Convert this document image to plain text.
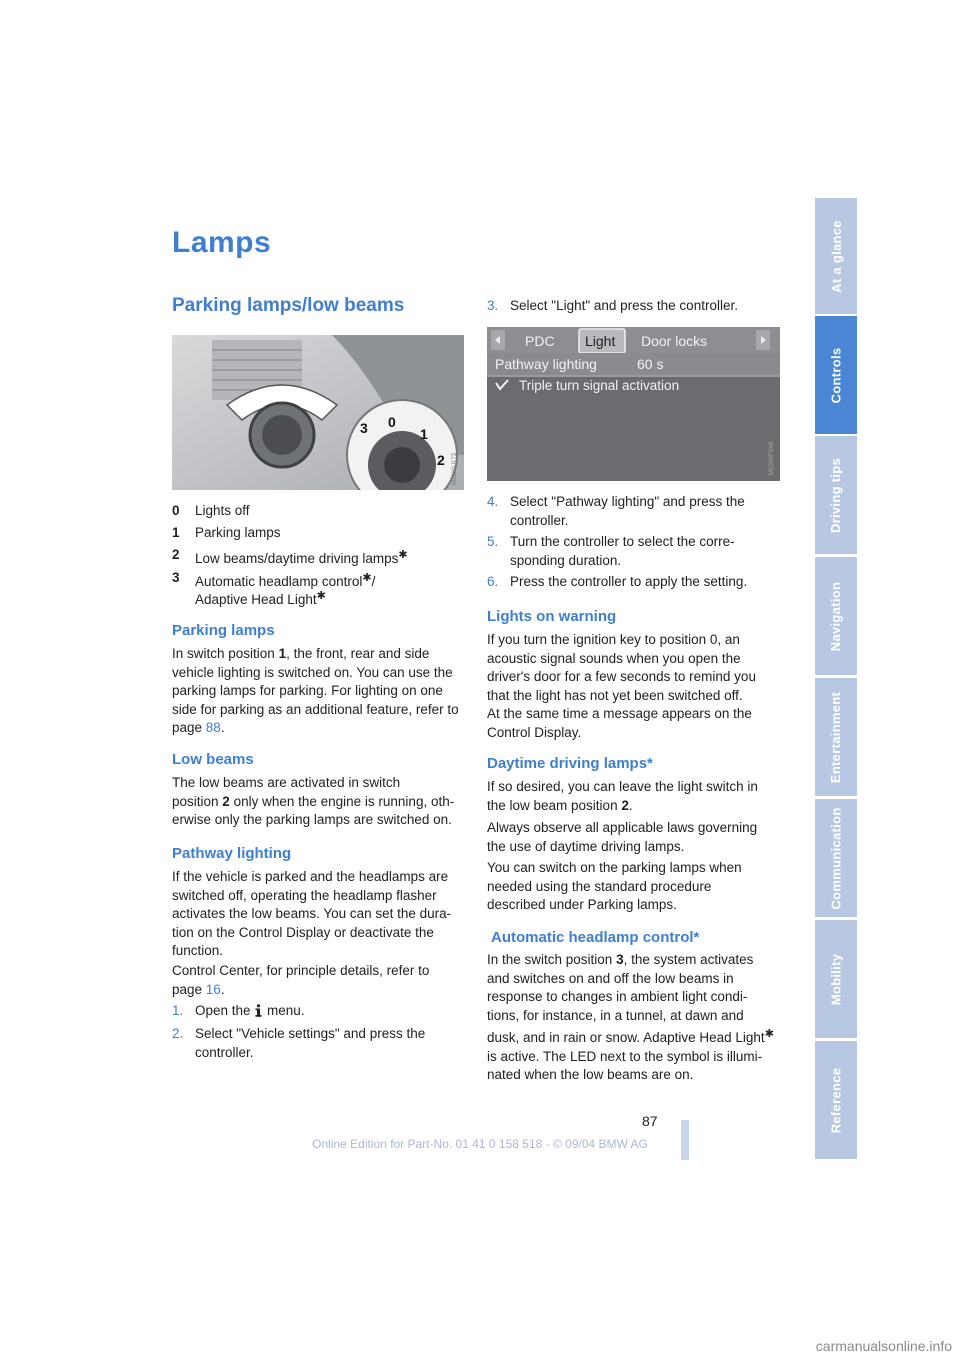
Lamps
Parking lamps/low beams
3 0
1
2 M10X0J173
0 Lights off
1 Parking lamps
2 Low beams/daytime driving lamps✱
3 Automatic headlamp control✱/
Adaptive Head Light✱
Parking lamps
In switch position 1, the front, rear and side
vehicle lighting is switched on. You can use the
parking lamps for parking. For lighting on one
side for parking as an additional feature, refer to
page 88.
Low beams
The low beams are activated in switch
position 2 only when the engine is running, oth-
erwise only the parking lamps are switched on.
Pathway lighting
If the vehicle is parked and the headlamps are
switched off, operating the headlamp flasher
activates the low beams. You can set the dura-
tion on the Control Display or deactivate the
function.
Control Center, for principle details, refer to
page 16.
1. Open the  menu.
2. Select "Vehicle settings" and press the
controller.
3. Select "Light" and press the controller.
PDC Light Door locks
Pathway lighting	60 s
Triple turn signal activation
M10X0F3X6
4. Select "Pathway lighting" and press the
controller.
5. Turn the controller to select the corre-
sponding duration.
6. Press the controller to apply the setting.
Lights on warning
If you turn the ignition key to position 0, an
acoustic signal sounds when you open the
driver's door for a few seconds to remind you
that the light has not yet been switched off.
At the same time a message appears on the
Control Display.
Daytime driving lamps*
If so desired, you can leave the light switch in
the low beam position 2.
Always observe all applicable laws governing
the use of daytime driving lamps.
You can switch on the parking lamps when
needed using the standard procedure
described under Parking lamps.
Automatic headlamp control*
In the switch position 3, the system activates
and switches on and off the low beams in
response to changes in ambient light condi-
tions, for instance, in a tunnel, at dawn and
dusk, and in rain or snow. Adaptive Head Light✱
is active. The LED next to the symbol is illumi-
nated when the low beams are on.
At a glance
Controls
Driving tips
Navigation
Entertainment
Communication
Mobility
Reference
87
Online Edition for Part-No. 01 41 0 158 518 - © 09/04 BMW AG
carmanualsonline.info
